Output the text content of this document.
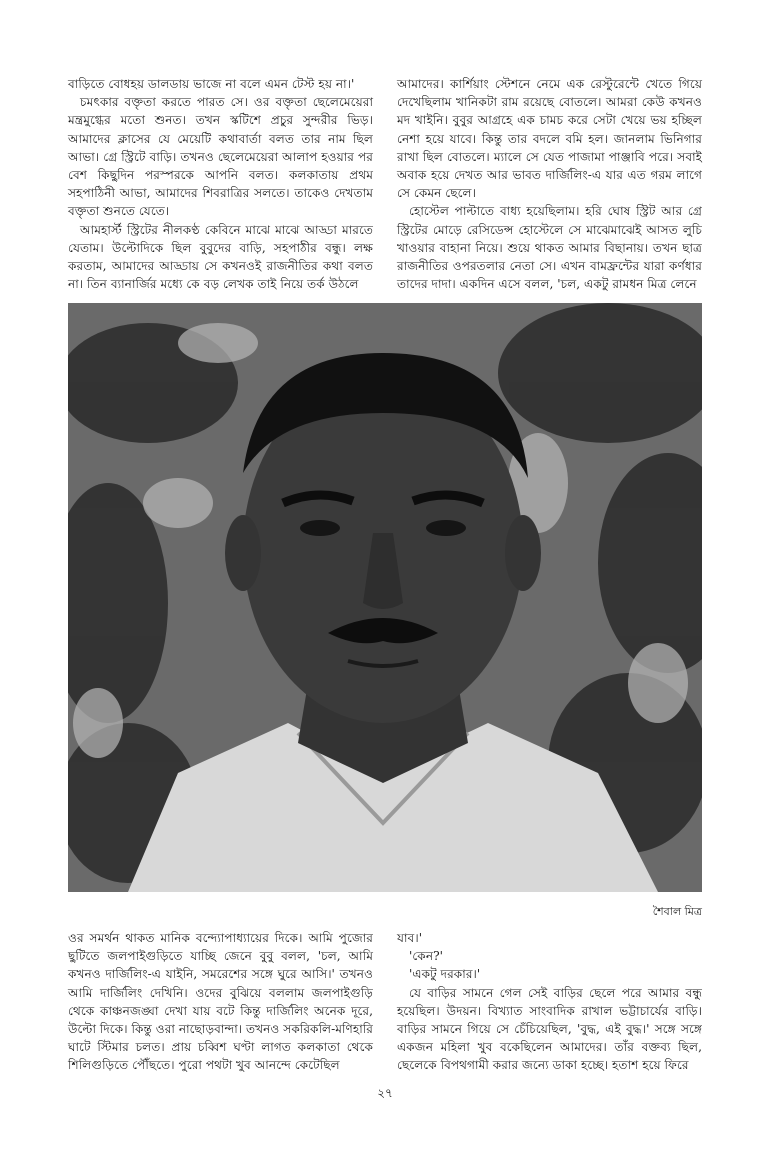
বাড়িতে বোধহয় ডালডায় ভাজে না বলে এমন টেস্ট হয় না।'

চমৎকার বক্তৃতা করতে পারত সে। ওর বক্তৃতা ছেলেমেয়েরা মন্ত্রমুগ্ধের মতো শুনত। তখন স্কটিশে প্রচুর সুন্দরীর ভিড়। আমাদের ক্লাসের যে মেয়েটি কথাবার্তা বলত তার নাম ছিল আভা। গ্রে স্ট্রিটে বাড়ি। তখনও ছেলেমেয়েরা আলাপ হওয়ার পর বেশ কিছুদিন পরস্পরকে আপনি বলত। কলকাতায় প্রথম সহপাঠিনী আভা, আমাদের শিবরাত্রির সলতে। তাকেও দেখতাম বক্তৃতা শুনতে যেতে।

আমহার্স্ট স্ট্রিটের নীলকণ্ঠ কেবিনে মাঝে মাঝে আড্ডা মারতে যেতাম। উল্টোদিকে ছিল বুবুদের বাড়ি, সহপাঠীর বন্ধু। লক্ষ করতাম, আমাদের আড্ডায় সে কখনওই রাজনীতির কথা বলত না। তিন ব্যানার্জির মধ্যে কে বড় লেখক তাই নিয়ে তর্ক উঠলে

আমাদের। কার্শিয়াং স্টেশনে নেমে এক রেস্টুরেন্টে খেতে গিয়ে দেখেছিলাম খানিকটা রাম রয়েছে বোতলে। আমরা কেউ কখনও মদ খাইনি। বুবুর আগ্রহে এক চামচ করে সেটা খেয়ে ভয় হচ্ছিল নেশা হয়ে যাবে। কিন্তু তার বদলে বমি হল। জানলাম ভিনিগার রাখা ছিল বোতলে। ম্যালে সে যেত পাজামা পাঞ্জাবি পরে। সবাই অবাক হয়ে দেখত আর ভাবত দার্জিলিং-এ যার এত গরম লাগে সে কেমন ছেলে।

হোস্টেল পাল্টাতে বাধ্য হয়েছিলাম। হরি ঘোষ স্ট্রিট আর গ্রে স্ট্রিটের মোড়ে রেসিডেন্স হোস্টেলে সে মাঝেমাঝেই আসত লুচি খাওয়ার বাহানা নিয়ে। শুয়ে থাকত আমার বিছানায়। তখন ছাত্র রাজনীতির ওপরতলার নেতা সে। এখন বামফ্রন্টের যারা কর্ণধার তাদের দাদা। একদিন এসে বলল, 'চল, একটু রামধন মিত্র লেনে

শৈবাল মিত্র

ওর সমর্থন থাকত মানিক বন্দ্যোপাধ্যায়ের দিকে। আমি পুজোর ছুটিতে জলপাইগুড়িতে যাচ্ছি জেনে বুবু বলল, 'চল, আমি কখনও দার্জিলিং-এ যাইনি, সমরেশের সঙ্গে ঘুরে আসি।' তখনও আমি দার্জিলিং দেখিনি। ওদের বুঝিয়ে বললাম জলপাইগুড়ি থেকে কাঞ্চনজঙ্ঘা দেখা যায় বটে কিন্তু দার্জিলিং অনেক দূরে, উল্টো দিকে। কিন্তু ওরা নাছোড়বান্দা। তখনও সকরিকলি-মণিহারি ঘাটে স্টিমার চলত। প্রায় চব্বিশ ঘণ্টা লাগত কলকাতা থেকে শিলিগুড়িতে পৌঁছতে। পুরো পথটা খুব আনন্দে কেটেছিল

যাব।'

'কেন?'

'একটু দরকার।'

যে বাড়ির সামনে গেল সেই বাড়ির ছেলে পরে আমার বন্ধু হয়েছিল। উদয়ন। বিখ্যাত সাংবাদিক রাখাল ভট্টাচার্যের বাড়ি। বাড়ির সামনে গিয়ে সে চেঁচিয়েছিল, 'বুদ্ধ, এই বুদ্ধ।' সঙ্গে সঙ্গে একজন মহিলা খুব বকেছিলেন আমাদের। তাঁর বক্তব্য ছিল, ছেলেকে বিপথগামী করার জন্যে ডাকা হচ্ছে। হতাশ হয়ে ফিরে

২৭
